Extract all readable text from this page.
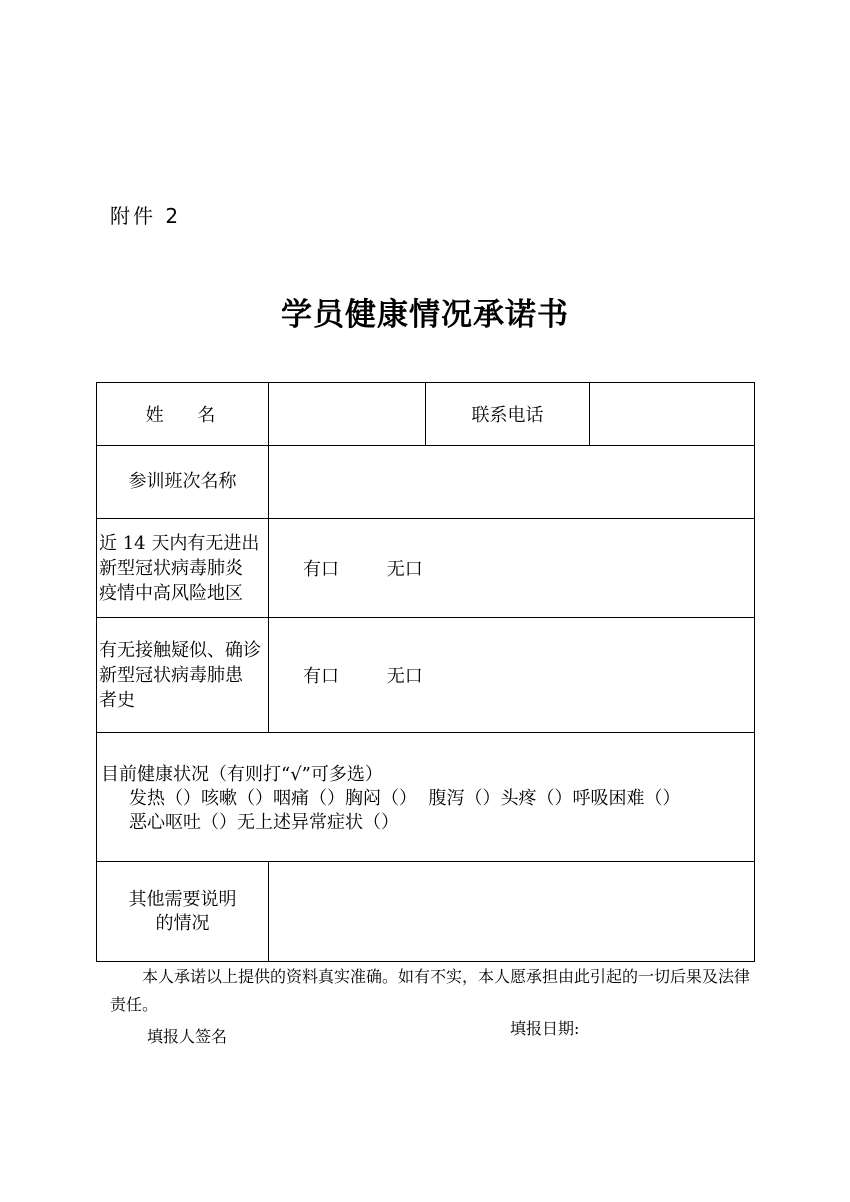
附件 2
学员健康情况承诺书
姓 名		联系电话	
参训班次名称			

近 14 天内有无进出
新型冠状病毒肺炎
疫情中高风险地区	有口 无口		

有无接触疑似、确诊
新型冠状病毒肺患
者史	有口 无口		

目前健康状况（有则打“√”可多选）
发热（）咳嗽（）咽痛（）胸闷（）  腹泻（）头疼（）呼吸困难（）
恶心呕吐（）无上述异常症状（）			

其他需要说明
的情况			

本人承诺以上提供的资料真实准确。如有不实，本人愿承担由此引起的一切后果及法律责任。
填报人签名	填报日期:
